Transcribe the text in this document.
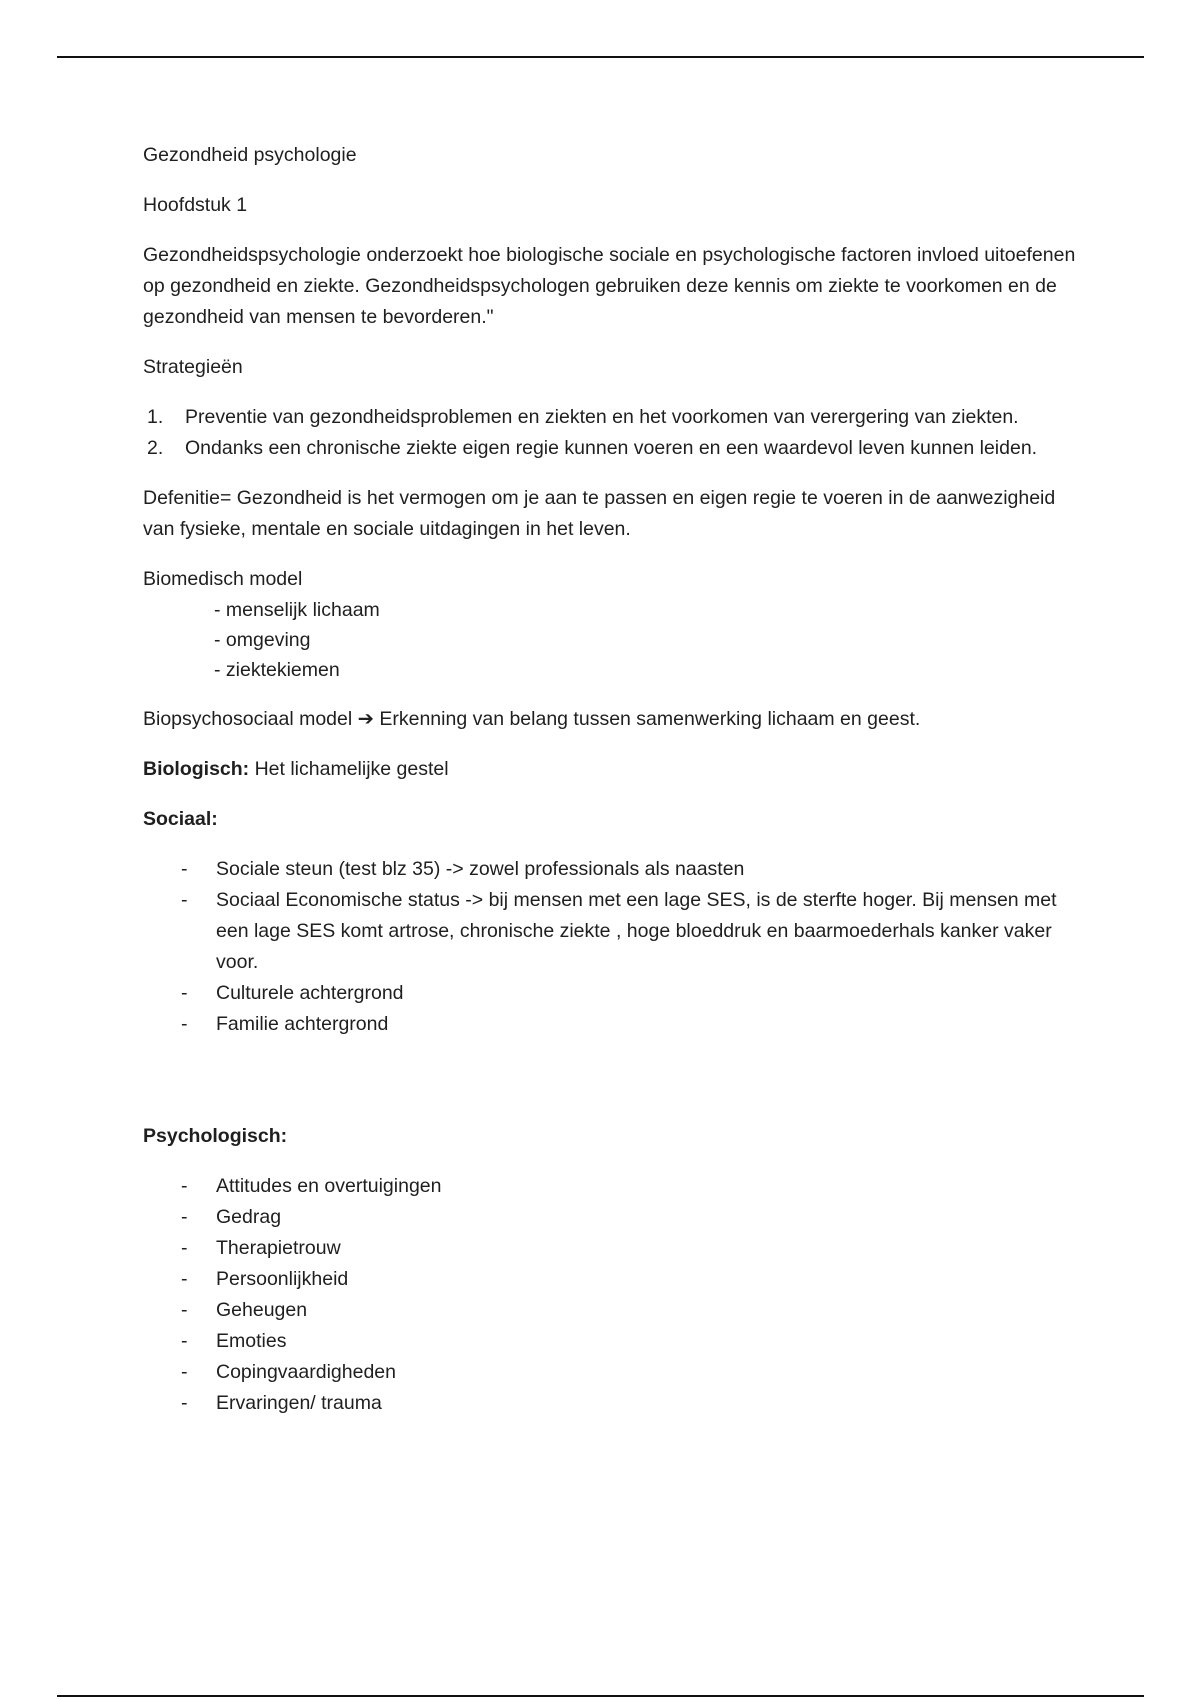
Gezondheid psychologie

Hoofdstuk 1

Gezondheidspsychologie onderzoekt hoe biologische sociale en psychologische factoren invloed uitoefenen op gezondheid en ziekte. Gezondheidspsychologen gebruiken deze kennis om ziekte te voorkomen en de gezondheid van mensen te bevorderen."

Strategieën

1. Preventie van gezondheidsproblemen en ziekten en het voorkomen van verergering van ziekten.
2. Ondanks een chronische ziekte eigen regie kunnen voeren en een waardevol leven kunnen leiden.

Defenitie= Gezondheid is het vermogen om je aan te passen en eigen regie te voeren in de aanwezigheid van fysieke, mentale en sociale uitdagingen in het leven.

Biomedisch model

- menselijk lichaam
- omgeving
- ziektekiemen

Biopsychosociaal model ➔ Erkenning van belang tussen samenwerking lichaam en geest.

Biologisch: Het lichamelijke gestel

Sociaal:

- Sociale steun (test blz 35) -> zowel professionals als naasten
- Sociaal Economische status -> bij mensen met een lage SES, is de sterfte hoger. Bij mensen met een lage SES komt artrose, chronische ziekte , hoge bloeddruk en baarmoederhals kanker vaker voor.
- Culturele achtergrond
- Familie achtergrond

Psychologisch:

- Attitudes en overtuigingen
- Gedrag
- Therapietrouw
- Persoonlijkheid
- Geheugen
- Emoties
- Copingvaardigheden
- Ervaringen/ trauma
